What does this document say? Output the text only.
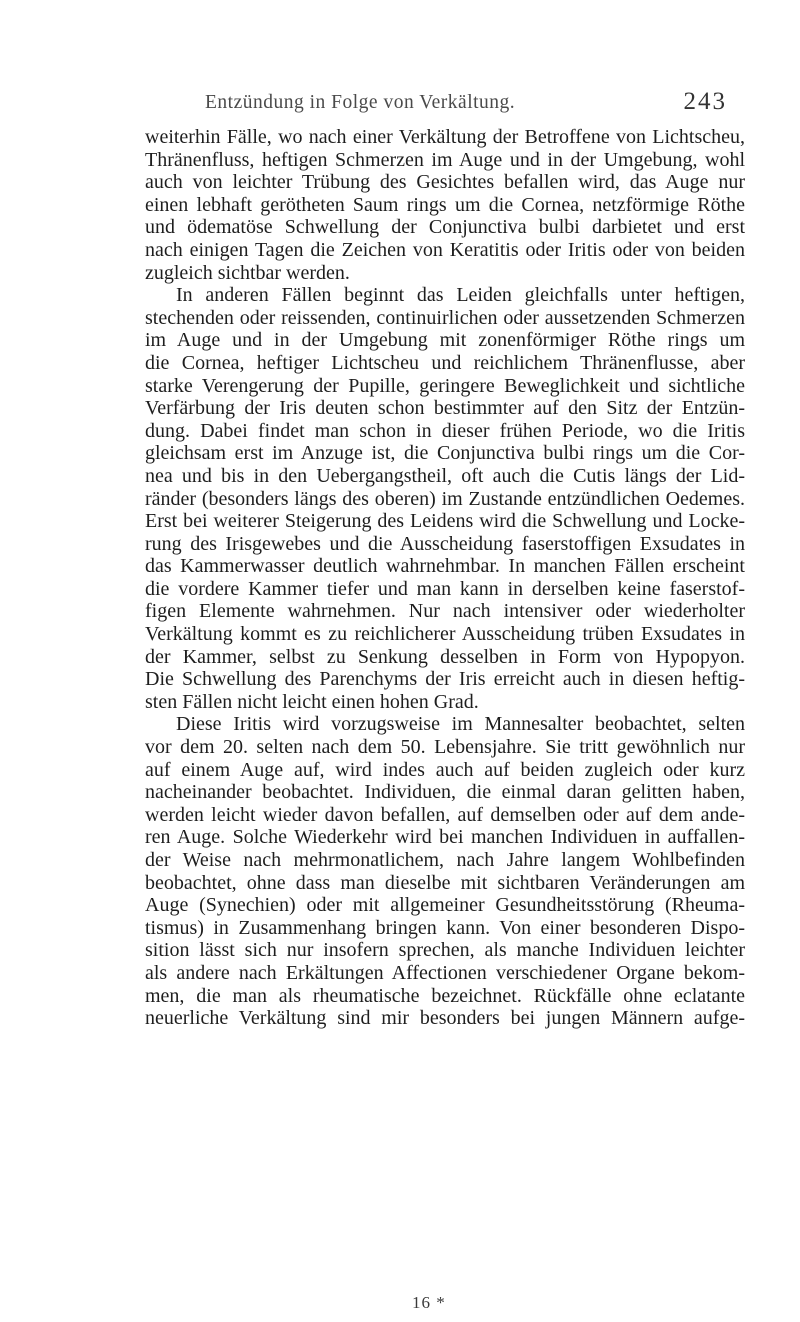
Entzündung in Folge von Verkältung.	243
weiterhin Fälle, wo nach einer Verkältung der Betroffene von Lichtscheu,
Thränenfluss, heftigen Schmerzen im Auge und in der Umgebung, wohl
auch von leichter Trübung des Gesichtes befallen wird, das Auge nur
einen lebhaft gerötheten Saum rings um die Cornea, netzförmige Röthe
und ödematöse Schwellung der Conjunctiva bulbi darbietet und erst
nach einigen Tagen die Zeichen von Keratitis oder Iritis oder von beiden
zugleich sichtbar werden.
In anderen Fällen beginnt das Leiden gleichfalls unter heftigen,
stechenden oder reissenden, continuirlichen oder aussetzenden Schmerzen
im Auge und in der Umgebung mit zonenförmiger Röthe rings um
die Cornea, heftiger Lichtscheu und reichlichem Thränenflusse, aber
starke Verengerung der Pupille, geringere Beweglichkeit und sichtliche
Verfärbung der Iris deuten schon bestimmter auf den Sitz der Entzün-
dung. Dabei findet man schon in dieser frühen Periode, wo die Iritis
gleichsam erst im Anzuge ist, die Conjunctiva bulbi rings um die Cor-
nea und bis in den Uebergangstheil, oft auch die Cutis längs der Lid-
ränder (besonders längs des oberen) im Zustande entzündlichen Oedemes.
Erst bei weiterer Steigerung des Leidens wird die Schwellung und Locke-
rung des Irisgewebes und die Ausscheidung faserstoffigen Exsudates in
das Kammerwasser deutlich wahrnehmbar. In manchen Fällen erscheint
die vordere Kammer tiefer und man kann in derselben keine faserstof-
figen Elemente wahrnehmen. Nur nach intensiver oder wiederholter
Verkältung kommt es zu reichlicherer Ausscheidung trüben Exsudates in
der Kammer, selbst zu Senkung desselben in Form von Hypopyon.
Die Schwellung des Parenchyms der Iris erreicht auch in diesen heftig-
sten Fällen nicht leicht einen hohen Grad.
Diese Iritis wird vorzugsweise im Mannesalter beobachtet, selten
vor dem 20. selten nach dem 50. Lebensjahre. Sie tritt gewöhnlich nur
auf einem Auge auf, wird indes auch auf beiden zugleich oder kurz
nacheinander beobachtet. Individuen, die einmal daran gelitten haben,
werden leicht wieder davon befallen, auf demselben oder auf dem ande-
ren Auge. Solche Wiederkehr wird bei manchen Individuen in auffallen-
der Weise nach mehrmonatlichem, nach Jahre langem Wohlbefinden
beobachtet, ohne dass man dieselbe mit sichtbaren Veränderungen am
Auge (Synechien) oder mit allgemeiner Gesundheitsstörung (Rheuma-
tismus) in Zusammenhang bringen kann. Von einer besonderen Dispo-
sition lässt sich nur insofern sprechen, als manche Individuen leichter
als andere nach Erkältungen Affectionen verschiedener Organe bekom-
men, die man als rheumatische bezeichnet. Rückfälle ohne eclatante
neuerliche Verkältung sind mir besonders bei jungen Männern aufge-
16 *
